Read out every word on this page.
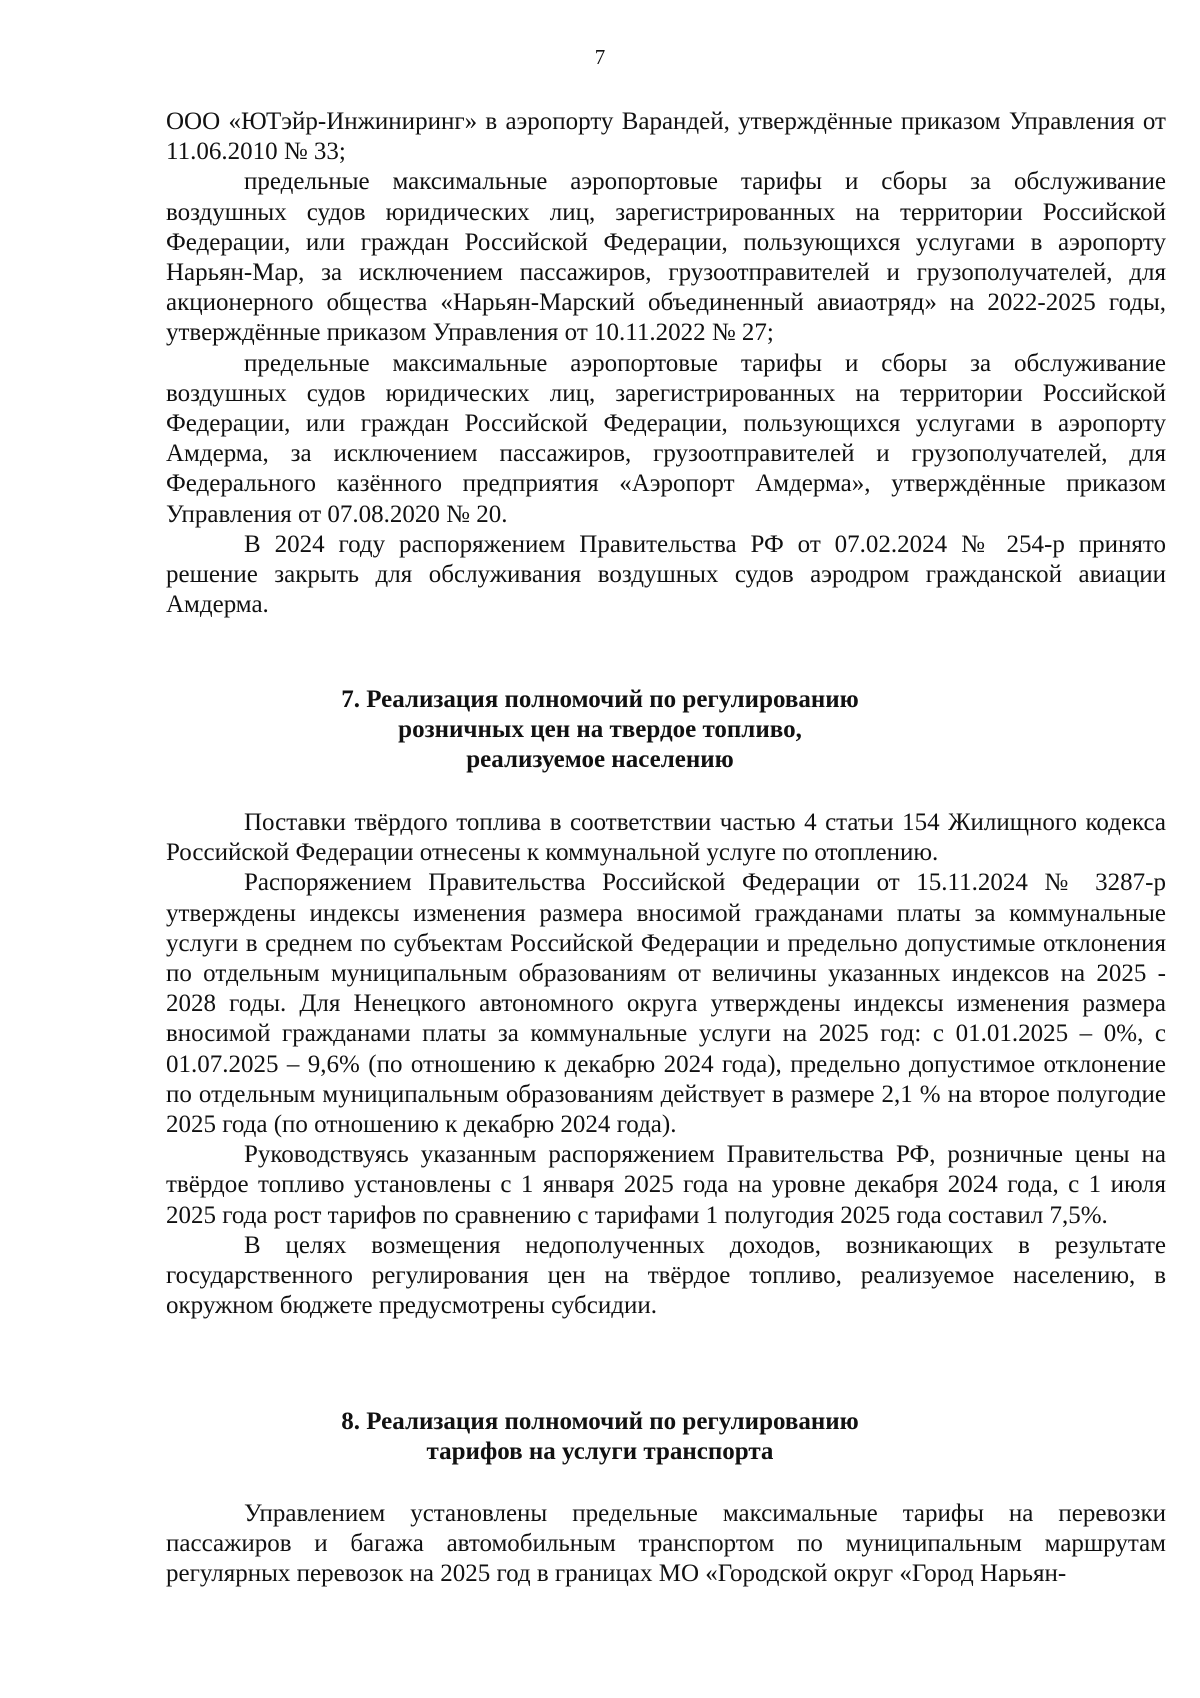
7

ООО «ЮТэйр-Инжиниринг» в аэропорту Варандей, утверждённые приказом Управления от 11.06.2010 № 33;

предельные максимальные аэропортовые тарифы и сборы за обслуживание воздушных судов юридических лиц, зарегистрированных на территории Российской Федерации, или граждан Российской Федерации, пользующихся услугами в аэропорту Нарьян-Мар, за исключением пассажиров, грузоотправителей и грузополучателей, для акционерного общества «Нарьян-Марский объединенный авиаотряд» на 2022-2025 годы, утверждённые приказом Управления от 10.11.2022 № 27;

предельные максимальные аэропортовые тарифы и сборы за обслуживание воздушных судов юридических лиц, зарегистрированных на территории Российской Федерации, или граждан Российской Федерации, пользующихся услугами в аэропорту Амдерма, за исключением пассажиров, грузоотправителей и грузополучателей, для Федерального казённого предприятия «Аэропорт Амдерма», утверждённые приказом Управления от 07.08.2020 № 20.

В 2024 году распоряжением Правительства РФ от 07.02.2024 № 254-р принято решение закрыть для обслуживания воздушных судов аэродром гражданской авиации Амдерма.

7. Реализация полномочий по регулированию
розничных цен на твердое топливо,
реализуемое населению

Поставки твёрдого топлива в соответствии частью 4 статьи 154 Жилищного кодекса Российской Федерации отнесены к коммунальной услуге по отоплению.

Распоряжением Правительства Российской Федерации от 15.11.2024 № 3287-р утверждены индексы изменения размера вносимой гражданами платы за коммунальные услуги в среднем по субъектам Российской Федерации и предельно допустимые отклонения по отдельным муниципальным образованиям от величины указанных индексов на 2025 - 2028 годы. Для Ненецкого автономного округа утверждены индексы изменения размера вносимой гражданами платы за коммунальные услуги на 2025 год: с 01.01.2025 – 0%, с 01.07.2025 – 9,6% (по отношению к декабрю 2024 года), предельно допустимое отклонение по отдельным муниципальным образованиям действует в размере 2,1 % на второе полугодие 2025 года (по отношению к декабрю 2024 года).

Руководствуясь указанным распоряжением Правительства РФ, розничные цены на твёрдое топливо установлены с 1 января 2025 года на уровне декабря 2024 года, с 1 июля 2025 года рост тарифов по сравнению с тарифами 1 полугодия 2025 года составил 7,5%.

В целях возмещения недополученных доходов, возникающих в результате государственного регулирования цен на твёрдое топливо, реализуемое населению, в окружном бюджете предусмотрены субсидии.

8. Реализация полномочий по регулированию
тарифов на услуги транспорта

Управлением установлены предельные максимальные тарифы на перевозки пассажиров и багажа автомобильным транспортом по муниципальным маршрутам регулярных перевозок на 2025 год в границах МО «Городской округ «Город Нарьян-
